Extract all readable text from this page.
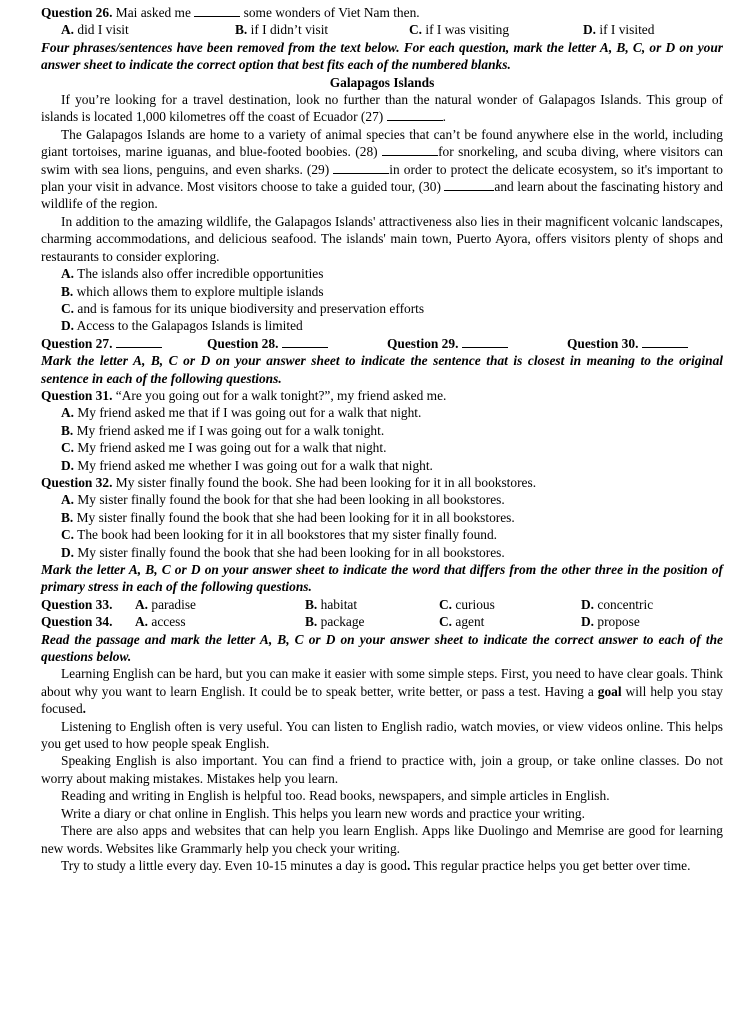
Question 26. Mai asked me	some wonders of Viet Nam then.

A. did I visit	B. if I didn’t visit	C. if I was visiting	D. if I visited

Four phrases/sentences have been removed from the text below. For each question, mark the letter A, B, C, or D on your answer sheet to indicate the correct option that best fits each of the numbered blanks.

Galapagos Islands

If you’re looking for a travel destination, look no further than the natural wonder of Galapagos Islands. This group of islands is located 1,000 kilometres off the coast of Ecuador (27)	.

The Galapagos Islands are home to a variety of animal species that can’t be found anywhere else in the world, including giant tortoises, marine iguanas, and blue-footed boobies. (28)	for snorkeling, and scuba diving, where visitors can swim with sea lions, penguins, and even sharks. (29)	in order to protect the delicate ecosystem, so it's important to plan your visit in advance. Most visitors choose to take a guided tour, (30)	and learn about the fascinating history and wildlife of the region.

In addition to the amazing wildlife, the Galapagos Islands' attractiveness also lies in their magnificent volcanic landscapes, charming accommodations, and delicious seafood. The islands' main town, Puerto Ayora, offers visitors plenty of shops and restaurants to consider exploring.

A. The islands also offer incredible opportunities

B. which allows them to explore multiple islands

C. and is famous for its unique biodiversity and preservation efforts

D. Access to the Galapagos Islands is limited

Question 27.	Question 28.	Question 29.	Question 30.

Mark the letter A, B, C or D on your answer sheet to indicate the sentence that is closest in meaning to the original sentence in each of the following questions.

Question 31. “Are you going out for a walk tonight?”, my friend asked me.

A. My friend asked me that if I was going out for a walk that night.

B. My friend asked me if I was going out for a walk tonight.

C. My friend asked me I was going out for a walk that night.

D. My friend asked me whether I was going out for a walk that night.

Question 32. My sister finally found the book. She had been looking for it in all bookstores.

A. My sister finally found the book for that she had been looking in all bookstores.

B. My sister finally found the book that she had been looking for it in all bookstores.

C. The book had been looking for it in all bookstores that my sister finally found.

D. My sister finally found the book that she had been looking for in all bookstores.

Mark the letter A, B, C or D on your answer sheet to indicate the word that differs from the other three in the position of primary stress in each of the following questions.

Question 33.	A. paradise	B. habitat	C. curious	D. concentric
Question 34.	A. access	B. package	C. agent	D. propose

Read the passage and mark the letter A, B, C or D on your answer sheet to indicate the correct answer to each of the questions below.

Learning English can be hard, but you can make it easier with some simple steps. First, you need to have clear goals. Think about why you want to learn English. It could be to speak better, write better, or pass a test. Having a goal will help you stay focused.

Listening to English often is very useful. You can listen to English radio, watch movies, or view videos online. This helps you get used to how people speak English.

Speaking English is also important. You can find a friend to practice with, join a group, or take online classes. Do not worry about making mistakes. Mistakes help you learn.

Reading and writing in English is helpful too. Read books, newspapers, and simple articles in English.

Write a diary or chat online in English. This helps you learn new words and practice your writing.

There are also apps and websites that can help you learn English. Apps like Duolingo and Memrise are good for learning new words. Websites like Grammarly help you check your writing.

Try to study a little every day. Even 10-15 minutes a day is good. This regular practice helps you get better over time.
